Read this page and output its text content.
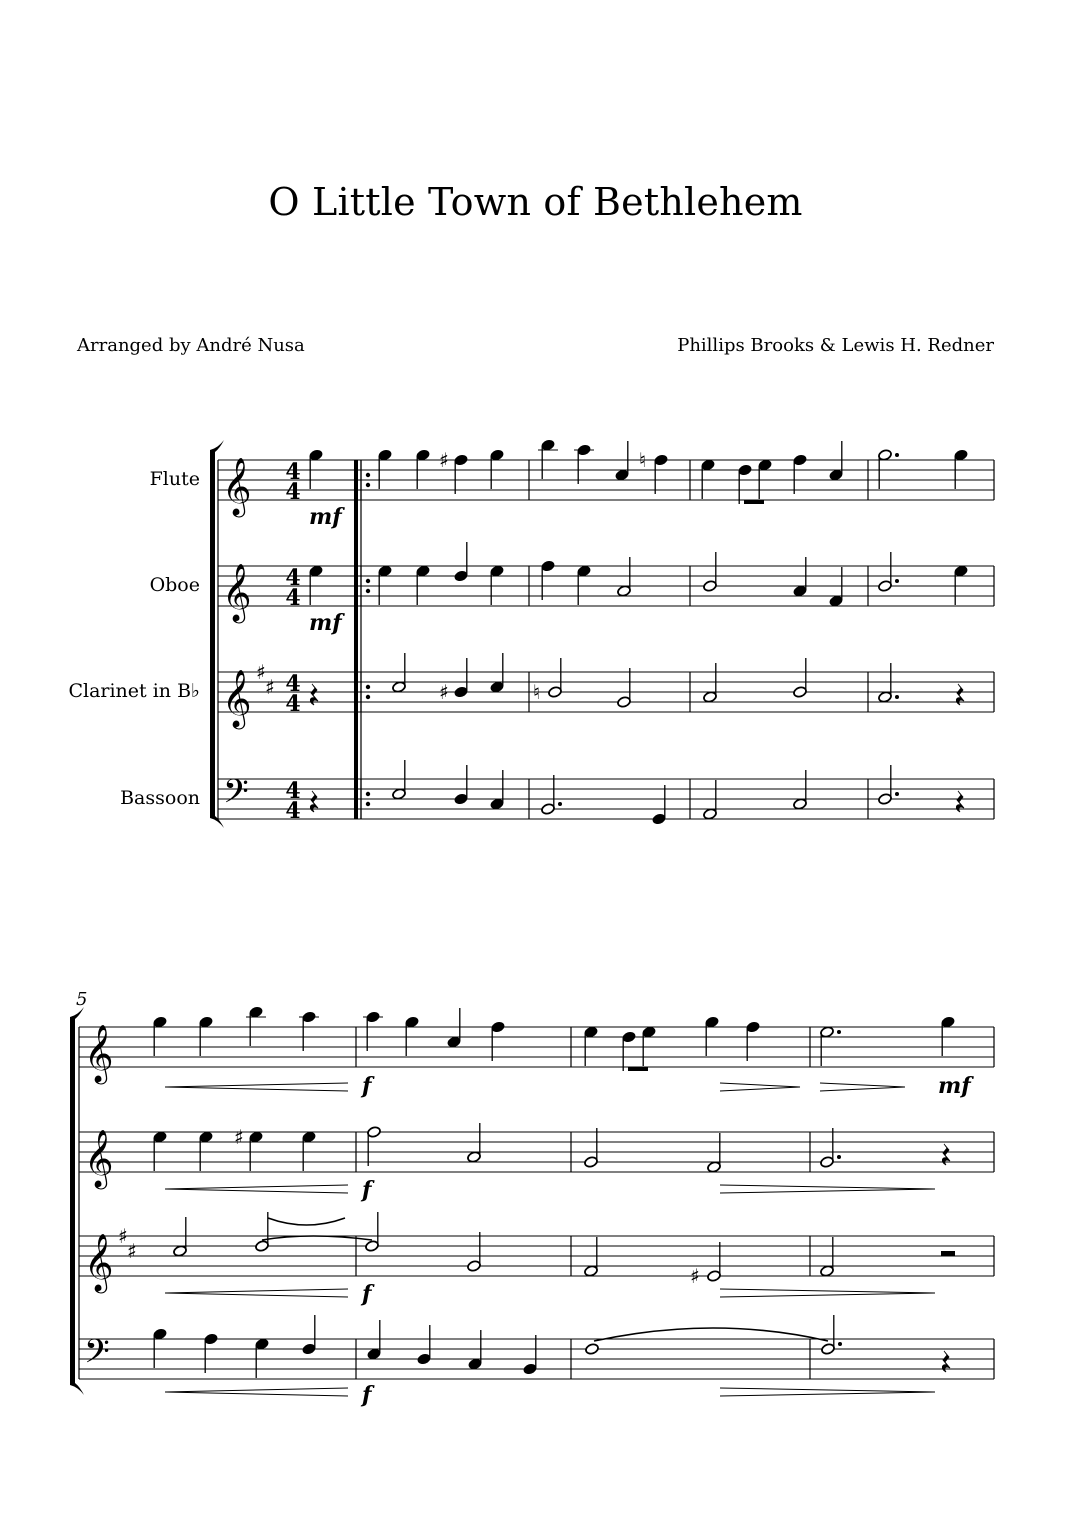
O Little Town of Bethlehem
Arranged by André Nusa	Phillips Brooks & Lewis H. Redner
Flute
Oboe
Clarinet in B♭
Bassoon
𝄞
𝄞
𝄞
𝄢
♯
♯
4
4
4
4
4
4
4
4
mf
♯	♮
mf
♯	♮
5
𝄞
𝄞
𝄞
𝄢
♯
♯
f	mf
♯
f
f
♯
f
